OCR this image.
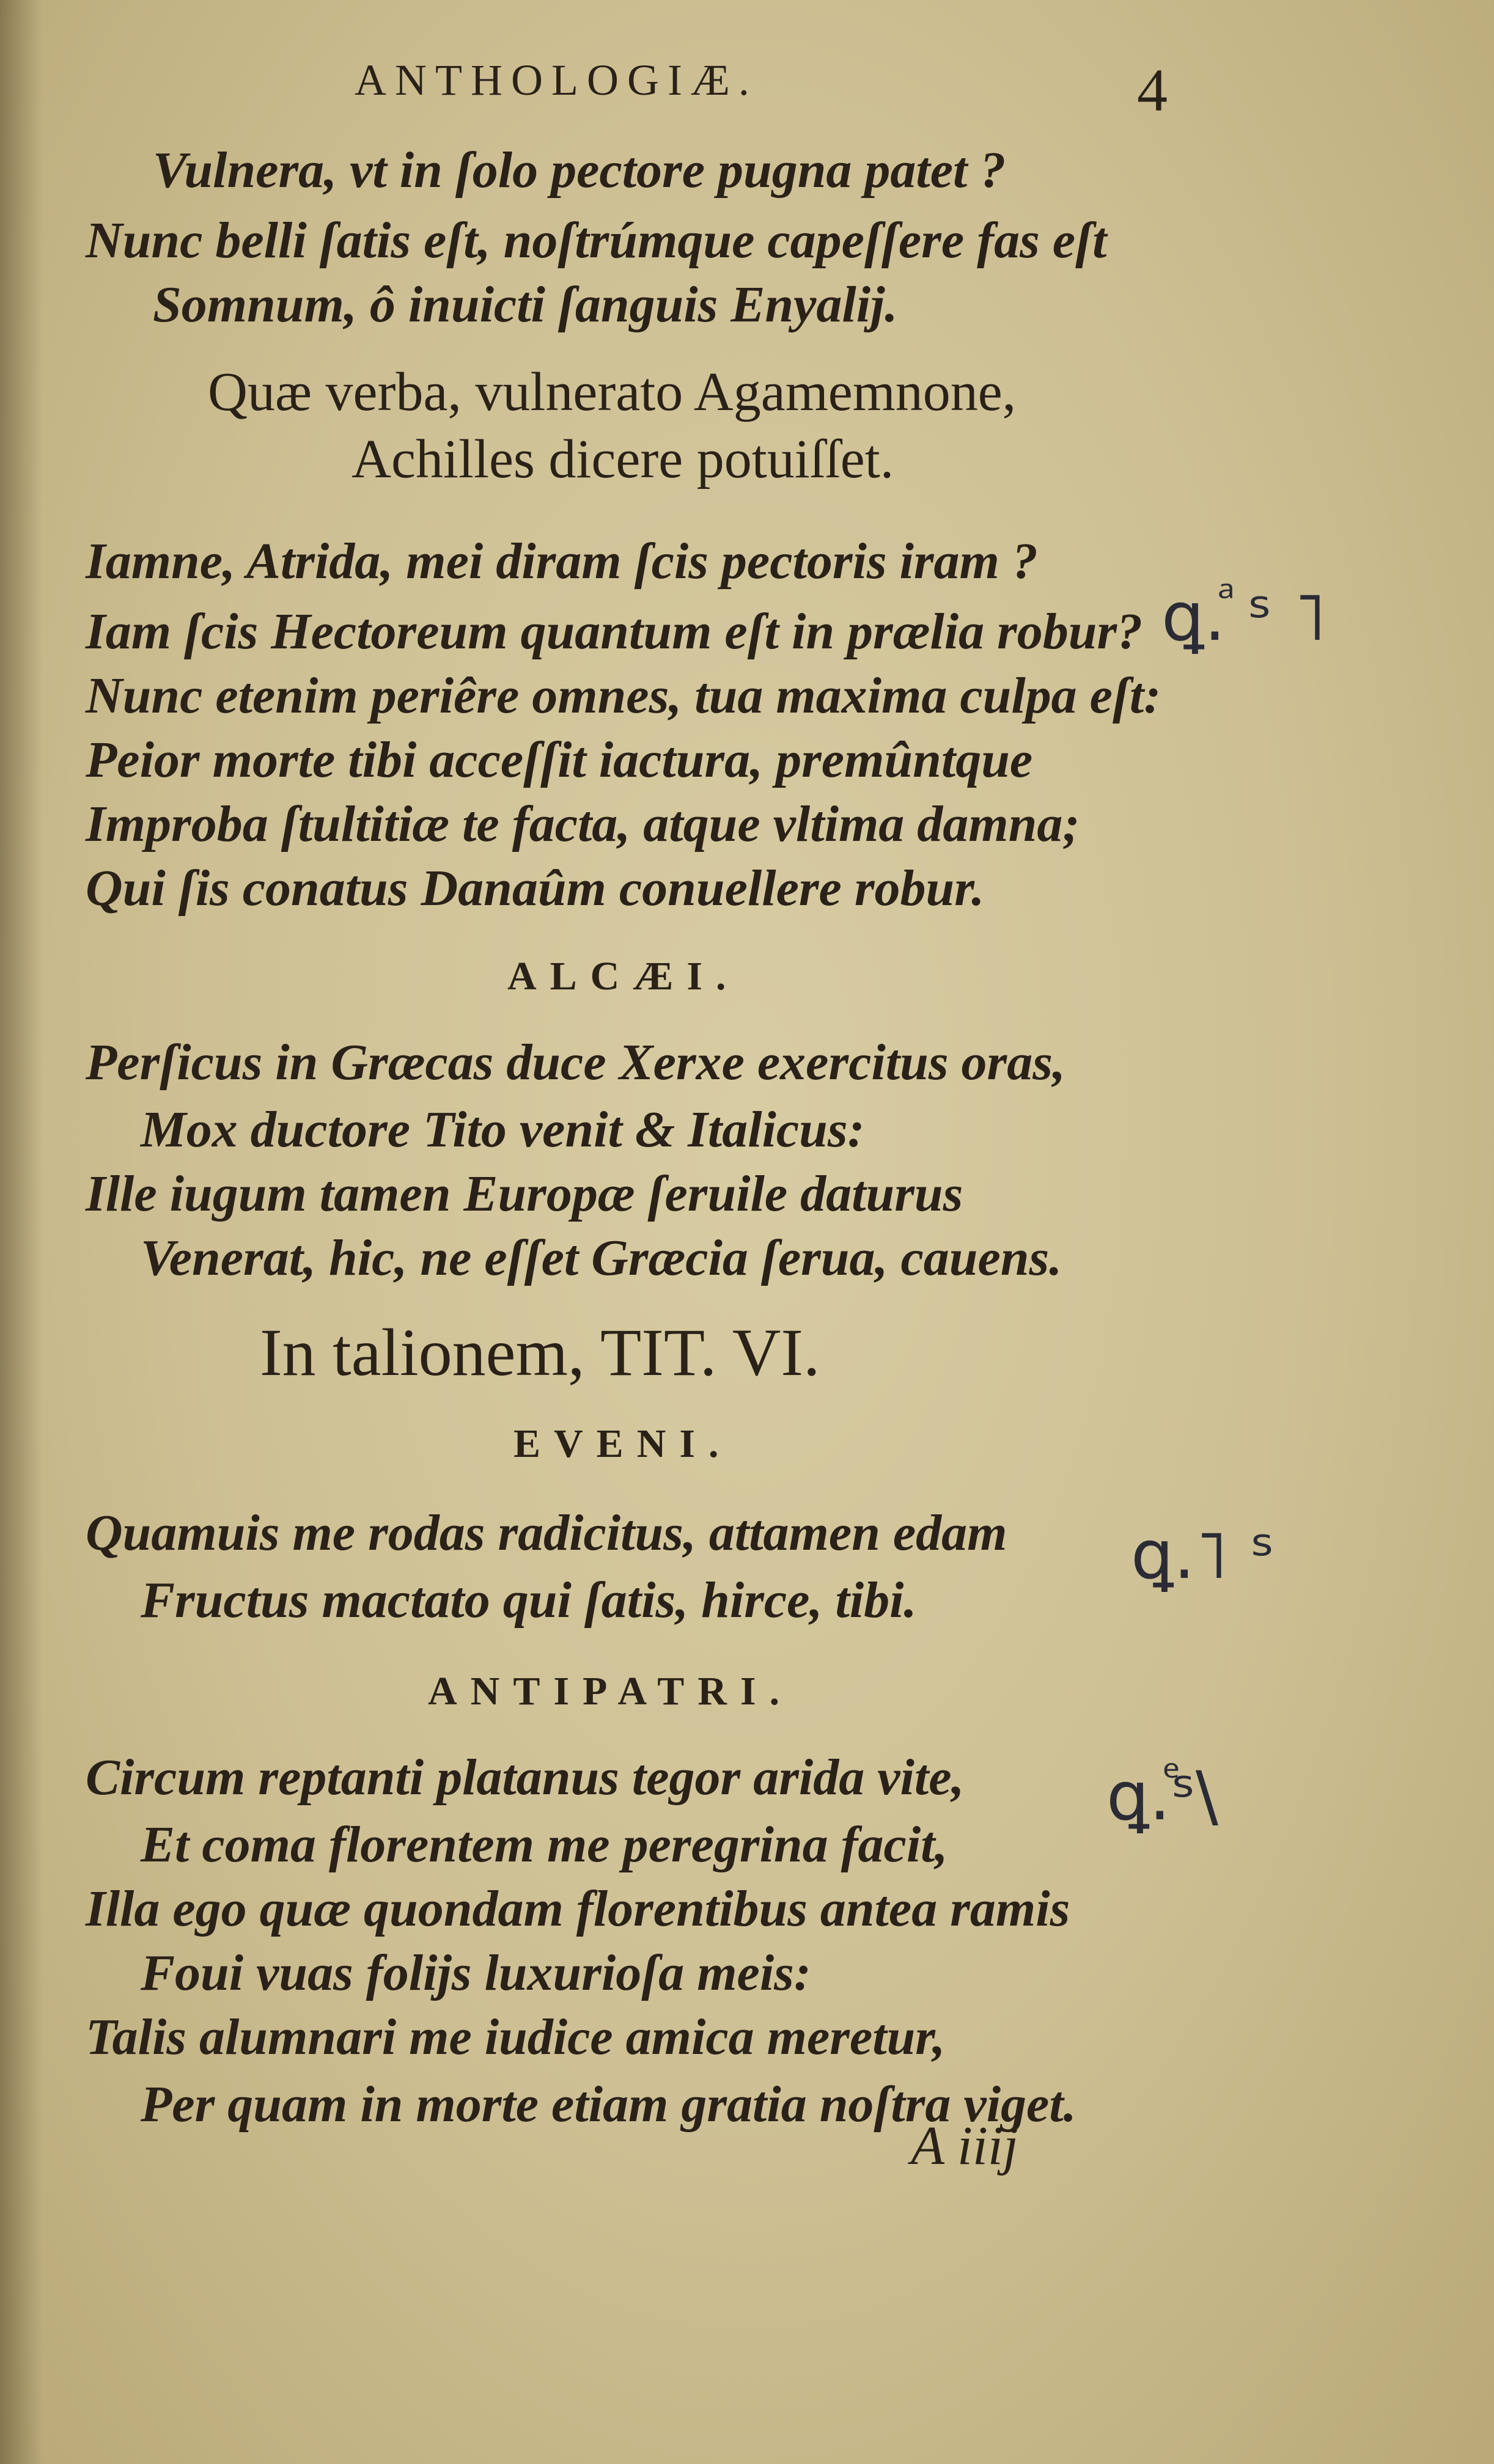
ANTHOLOGIÆ.	4
Vulnera, vt in ſolo pectore pugna patet ?
Nunc belli ſatis eſt, noſtrúmque capeſſere fas eſt
Somnum, ô inuicti ſanguis Enyalij.
Quæ verba, vulnerato Agamemnone,
Achilles dicere potuiſſet.
Iamne, Atrida, mei diram ſcis pectoris iram ?
Iam ſcis Hectoreum quantum eſt in prælia robur?
Nunc etenim periêre omnes, tua maxima culpa eſt:
Peior morte tibi acceſſit iactura, premûntque
Improba ſtultitiæ te facta, atque vltima damna;
Qui ſis conatus Danaûm conuellere robur.
ALCÆI.
Perſicus in Græcas duce Xerxe exercitus oras,
Mox ductore Tito venit & Italicus:
Ille iugum tamen Europæ ſeruile daturus
Venerat, hic, ne eſſet Græcia ſerua, cauens.
In talionem, TIT. VI.
EVENI.
Quamuis me rodas radicitus, attamen edam
Fructus mactato qui ſatis, hirce, tibi.
ANTIPATRI.
Circum reptanti platanus tegor arida vite,
Et coma florentem me peregrina facit,
Illa ego quæ quondam florentibus antea ramis
Foui vuas folijs luxurioſa meis:
Talis alumnari me iudice amica meretur,
Per quam in morte etiam gratia noſtra viget.
A iiij
ꝗ.ⷶ ˢ ˥
ꝗ.˥ ˢ
ꝗ.ⷷˢ\
